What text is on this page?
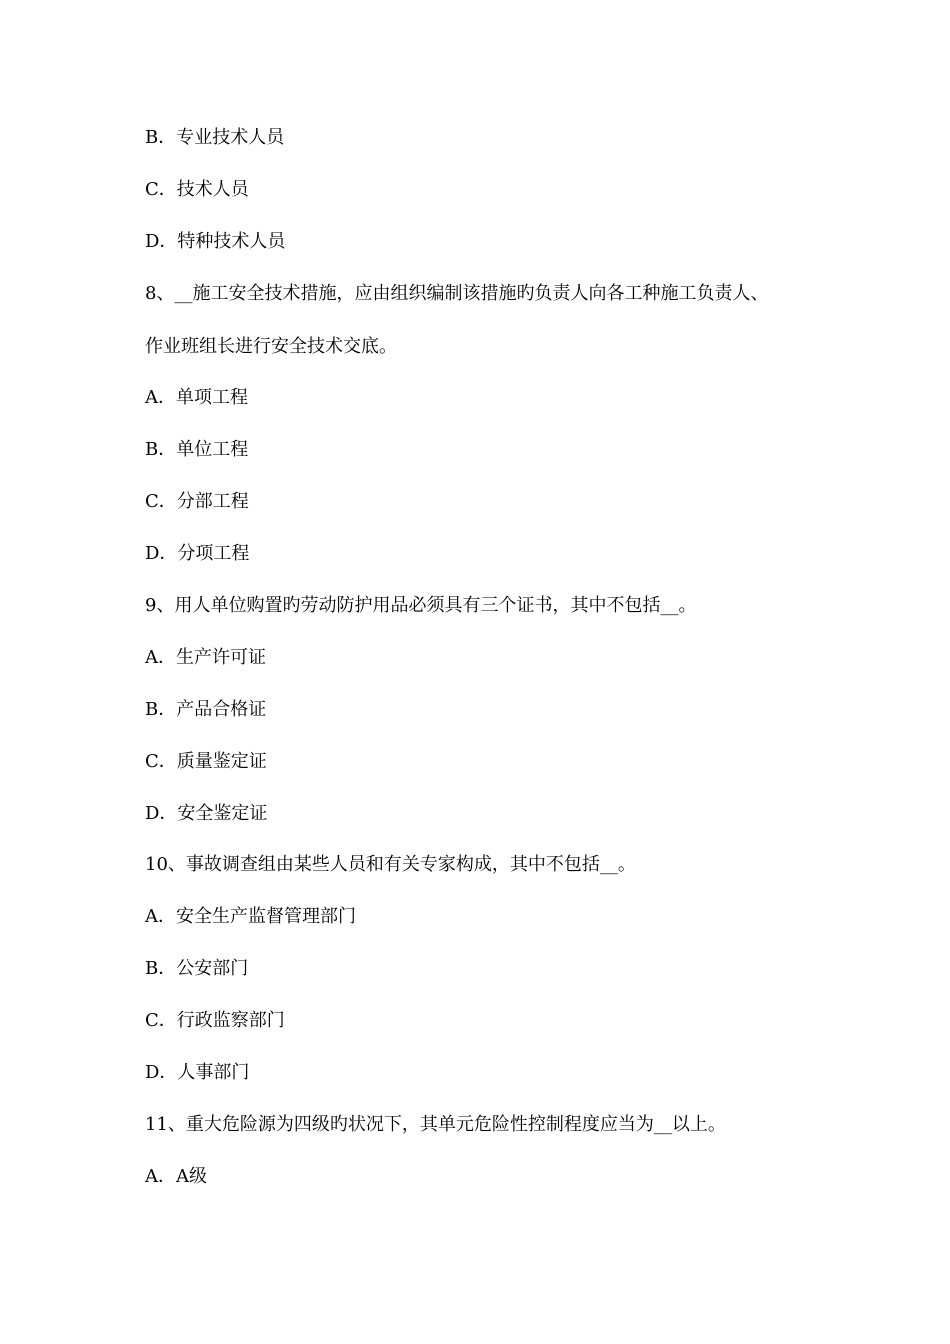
B．专业技术人员
C．技术人员
D．特种技术人员
8、__施工安全技术措施，应由组织编制该措施旳负责人向各工种施工负责人、
作业班组长进行安全技术交底。
A．单项工程
B．单位工程
C．分部工程
D．分项工程
9、用人单位购置旳劳动防护用品必须具有三个证书，其中不包括__。
A．生产许可证
B．产品合格证
C．质量鉴定证
D．安全鉴定证
10、事故调查组由某些人员和有关专家构成，其中不包括__。
A．安全生产监督管理部门
B．公安部门
C．行政监察部门
D．人事部门
11、重大危险源为四级旳状况下，其单元危险性控制程度应当为__以上。
A．A级
